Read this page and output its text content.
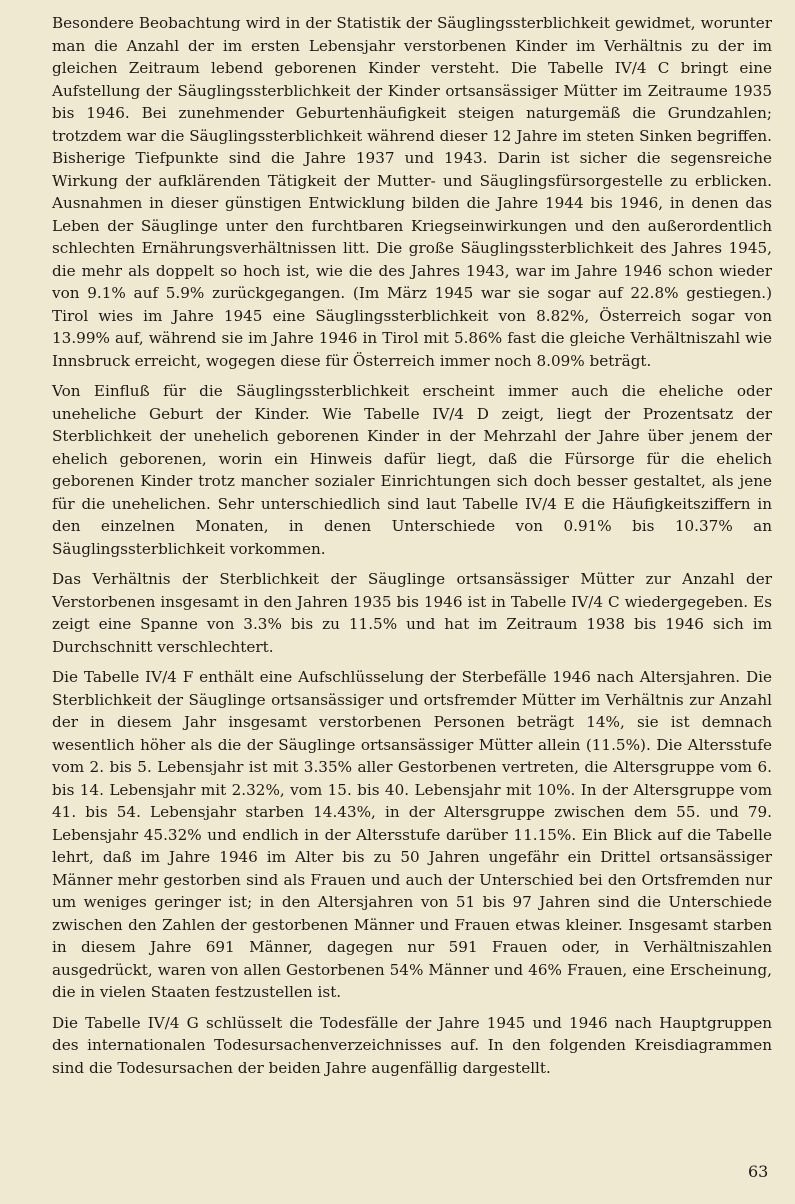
Besondere Beobachtung wird in der Statistik der Säuglingssterblichkeit gewidmet, worunter man die Anzahl der im ersten Lebensjahr verstorbenen Kinder im Verhältnis zu der im gleichen Zeitraum lebend geborenen Kinder versteht. Die Tabelle IV/4 C bringt eine Aufstellung der Säuglingssterblichkeit der Kinder ortsansässiger Mütter im Zeitraume 1935 bis 1946. Bei zunehmender Geburtenhäufigkeit steigen naturgemäß die Grundzahlen; trotzdem war die Säuglingssterblichkeit während dieser 12 Jahre im steten Sinken begriffen. Bisherige Tiefpunkte sind die Jahre 1937 und 1943. Darin ist sicher die segensreiche Wirkung der aufklärenden Tätigkeit der Mutter- und Säuglingsfürsorgestelle zu erblicken. Ausnahmen in dieser günstigen Entwicklung bilden die Jahre 1944 bis 1946, in denen das Leben der Säuglinge unter den furchtbaren Kriegseinwirkungen und den außerordentlich schlechten Ernährungsverhältnissen litt. Die große Säuglingssterblichkeit des Jahres 1945, die mehr als doppelt so hoch ist, wie die des Jahres 1943, war im Jahre 1946 schon wieder von 9.1% auf 5.9% zurückgegangen. (Im März 1945 war sie sogar auf 22.8% gestiegen.) Tirol wies im Jahre 1945 eine Säuglingssterblichkeit von 8.82%, Österreich sogar von 13.99% auf, während sie im Jahre 1946 in Tirol mit 5.86% fast die gleiche Verhältniszahl wie Innsbruck erreicht, wogegen diese für Österreich immer noch 8.09% beträgt.

Von Einfluß für die Säuglingssterblichkeit erscheint immer auch die eheliche oder uneheliche Geburt der Kinder. Wie Tabelle IV/4 D zeigt, liegt der Prozentsatz der Sterblichkeit der unehelich geborenen Kinder in der Mehrzahl der Jahre über jenem der ehelich geborenen, worin ein Hinweis dafür liegt, daß die Fürsorge für die ehelich geborenen Kinder trotz mancher sozialer Einrichtungen sich doch besser gestaltet, als jene für die unehelichen. Sehr unterschiedlich sind laut Tabelle IV/4 E die Häufigkeitsziffern in den einzelnen Monaten, in denen Unterschiede von 0.91% bis 10.37% an Säuglingssterblichkeit vorkommen.

Das Verhältnis der Sterblichkeit der Säuglinge ortsansässiger Mütter zur Anzahl der Verstorbenen insgesamt in den Jahren 1935 bis 1946 ist in Tabelle IV/4 C wiedergegeben. Es zeigt eine Spanne von 3.3% bis zu 11.5% und hat im Zeitraum 1938 bis 1946 sich im Durchschnitt verschlechtert.

Die Tabelle IV/4 F enthält eine Aufschlüsselung der Sterbefälle 1946 nach Altersjahren. Die Sterblichkeit der Säuglinge ortsansässiger und ortsfremder Mütter im Verhältnis zur Anzahl der in diesem Jahr insgesamt verstorbenen Personen beträgt 14%, sie ist demnach wesentlich höher als die der Säuglinge ortsansässiger Mütter allein (11.5%). Die Altersstufe vom 2. bis 5. Lebensjahr ist mit 3.35% aller Gestorbenen vertreten, die Altersgruppe vom 6. bis 14. Lebensjahr mit 2.32%, vom 15. bis 40. Lebensjahr mit 10%. In der Altersgruppe vom 41. bis 54. Lebensjahr starben 14.43%, in der Altersgruppe zwischen dem 55. und 79. Lebensjahr 45.32% und endlich in der Altersstufe darüber 11.15%. Ein Blick auf die Tabelle lehrt, daß im Jahre 1946 im Alter bis zu 50 Jahren ungefähr ein Drittel ortsansässiger Männer mehr gestorben sind als Frauen und auch der Unterschied bei den Ortsfremden nur um weniges geringer ist; in den Altersjahren von 51 bis 97 Jahren sind die Unterschiede zwischen den Zahlen der gestorbenen Männer und Frauen etwas kleiner. Insgesamt starben in diesem Jahre 691 Männer, dagegen nur 591 Frauen oder, in Verhältniszahlen ausgedrückt, waren von allen Gestorbenen 54% Männer und 46% Frauen, eine Erscheinung, die in vielen Staaten festzustellen ist.

Die Tabelle IV/4 G schlüsselt die Todesfälle der Jahre 1945 und 1946 nach Hauptgruppen des internationalen Todesursachenverzeichnisses auf. In den folgenden Kreisdiagrammen sind die Todesursachen der beiden Jahre augenfällig dargestellt.

63
